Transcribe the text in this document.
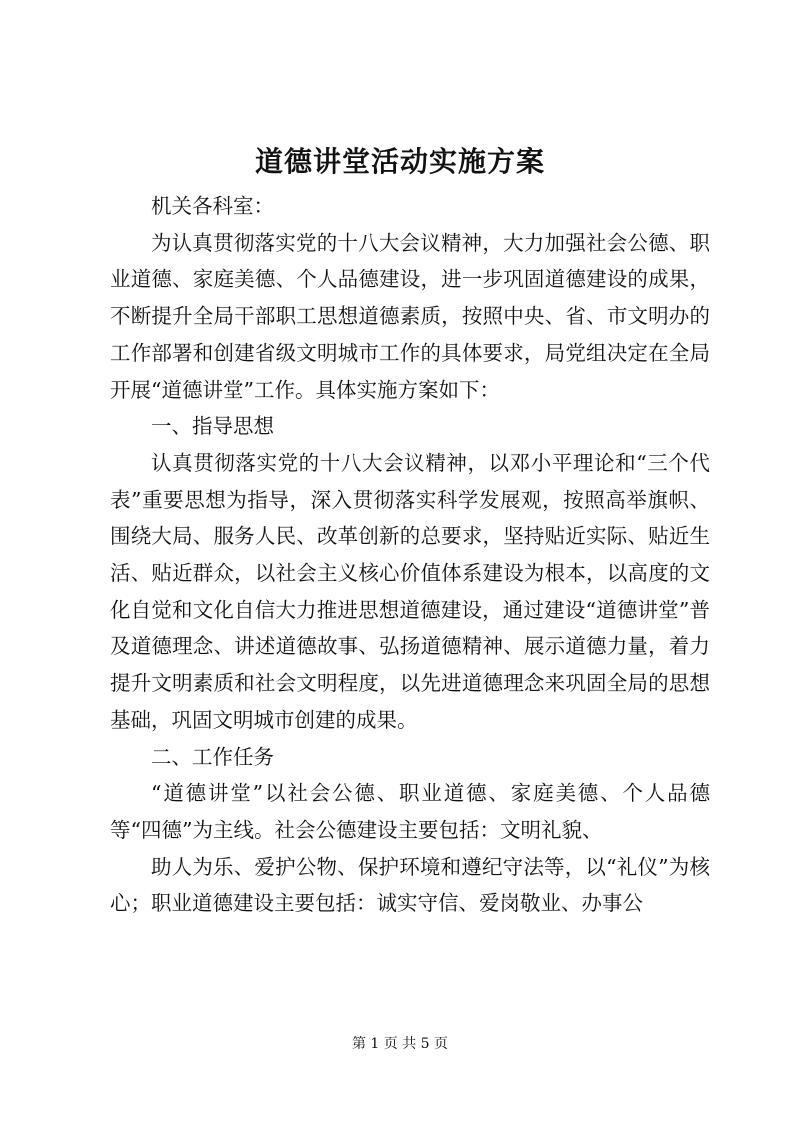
道德讲堂活动实施方案

机关各科室：

为认真贯彻落实党的十八大会议精神，大力加强社会公德、职业道德、家庭美德、个人品德建设，进一步巩固道德建设的成果，不断提升全局干部职工思想道德素质，按照中央、省、市文明办的工作部署和创建省级文明城市工作的具体要求，局党组决定在全局开展“道德讲堂”工作。具体实施方案如下：

一、指导思想

认真贯彻落实党的十八大会议精神，以邓小平理论和“三个代表”重要思想为指导，深入贯彻落实科学发展观，按照高举旗帜、围绕大局、服务人民、改革创新的总要求，坚持贴近实际、贴近生活、贴近群众，以社会主义核心价值体系建设为根本，以高度的文化自觉和文化自信大力推进思想道德建设，通过建设“道德讲堂”普及道德理念、讲述道德故事、弘扬道德精神、展示道德力量，着力提升文明素质和社会文明程度，以先进道德理念来巩固全局的思想基础，巩固文明城市创建的成果。

二、工作任务

“道德讲堂”以社会公德、职业道德、家庭美德、个人品德等“四德”为主线。社会公德建设主要包括：文明礼貌、

助人为乐、爱护公物、保护环境和遵纪守法等，以“礼仪”为核心；职业道德建设主要包括：诚实守信、爱岗敬业、办事公

第 1 页 共 5 页
